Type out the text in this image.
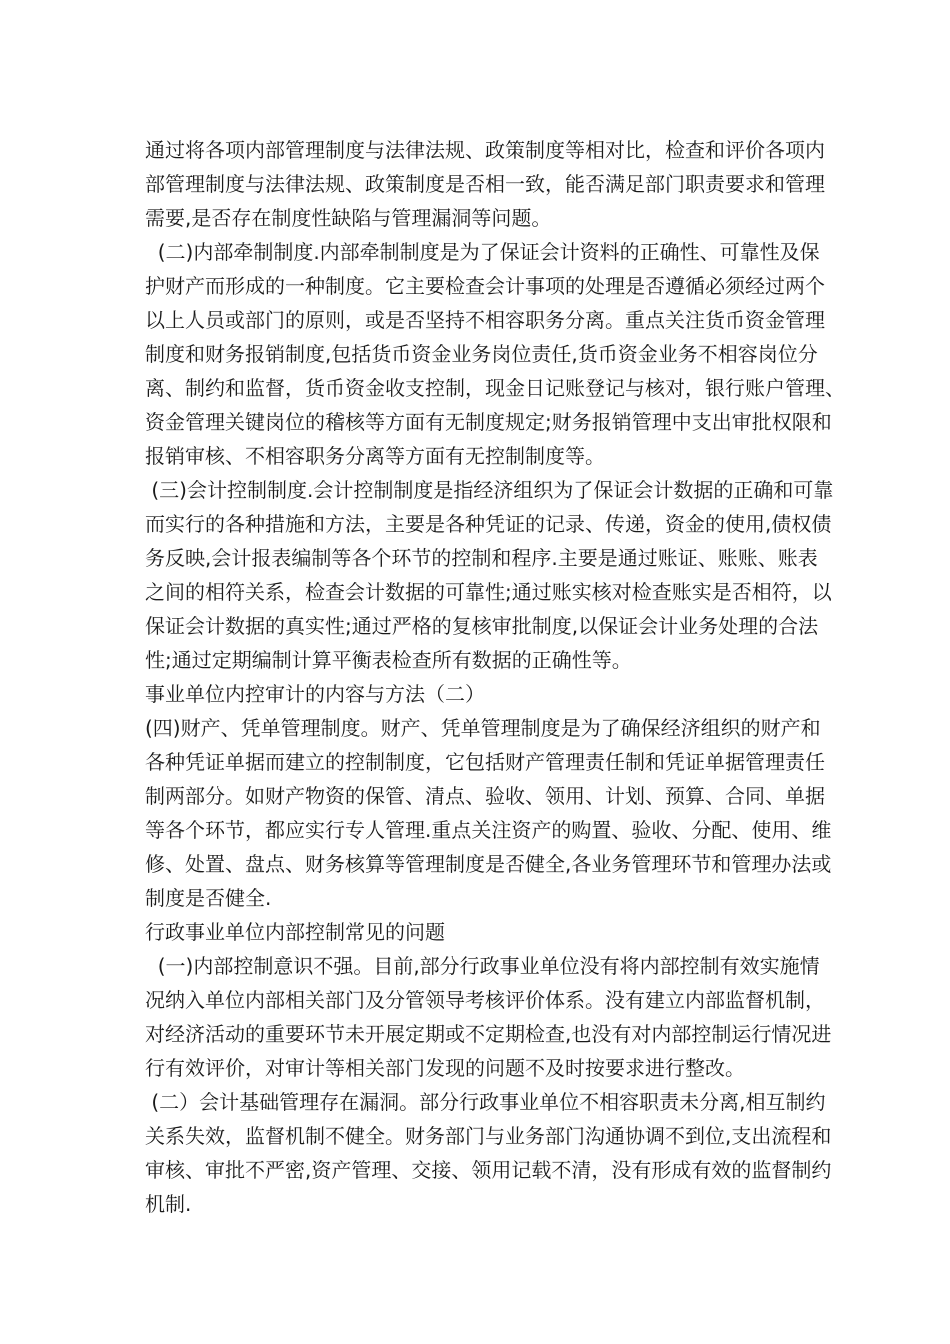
通过将各项内部管理制度与法律法规、政策制度等相对比，检查和评价各项内
部管理制度与法律法规、政策制度是否相一致，能否满足部门职责要求和管理
需要,是否存在制度性缺陷与管理漏洞等问题。
(二)内部牵制制度.内部牵制制度是为了保证会计资料的正确性、可靠性及保
护财产而形成的一种制度。它主要检查会计事项的处理是否遵循必须经过两个
以上人员或部门的原则，或是否坚持不相容职务分离。重点关注货币资金管理
制度和财务报销制度,包括货币资金业务岗位责任,货币资金业务不相容岗位分
离、制约和监督，货币资金收支控制，现金日记账登记与核对，银行账户管理、
资金管理关键岗位的稽核等方面有无制度规定;财务报销管理中支出审批权限和
报销审核、不相容职务分离等方面有无控制制度等。
(三)会计控制制度.会计控制制度是指经济组织为了保证会计数据的正确和可靠
而实行的各种措施和方法，主要是各种凭证的记录、传递，资金的使用,债权债
务反映,会计报表编制等各个环节的控制和程序.主要是通过账证、账账、账表
之间的相符关系，检查会计数据的可靠性;通过账实核对检查账实是否相符，以
保证会计数据的真实性;通过严格的复核审批制度,以保证会计业务处理的合法
性;通过定期编制计算平衡表检查所有数据的正确性等。
事业单位内控审计的内容与方法（二）
(四)财产、凭单管理制度。财产、凭单管理制度是为了确保经济组织的财产和
各种凭证单据而建立的控制制度，它包括财产管理责任制和凭证单据管理责任
制两部分。如财产物资的保管、清点、验收、领用、计划、预算、合同、单据
等各个环节，都应实行专人管理.重点关注资产的购置、验收、分配、使用、维
修、处置、盘点、财务核算等管理制度是否健全,各业务管理环节和管理办法或
制度是否健全.
行政事业单位内部控制常见的问题
(一)内部控制意识不强。目前,部分行政事业单位没有将内部控制有效实施情
况纳入单位内部相关部门及分管领导考核评价体系。没有建立内部监督机制，
对经济活动的重要环节未开展定期或不定期检查,也没有对内部控制运行情况进
行有效评价，对审计等相关部门发现的问题不及时按要求进行整改。
(二）会计基础管理存在漏洞。部分行政事业单位不相容职责未分离,相互制约
关系失效，监督机制不健全。财务部门与业务部门沟通协调不到位,支出流程和
审核、审批不严密,资产管理、交接、领用记载不清，没有形成有效的监督制约
机制.
